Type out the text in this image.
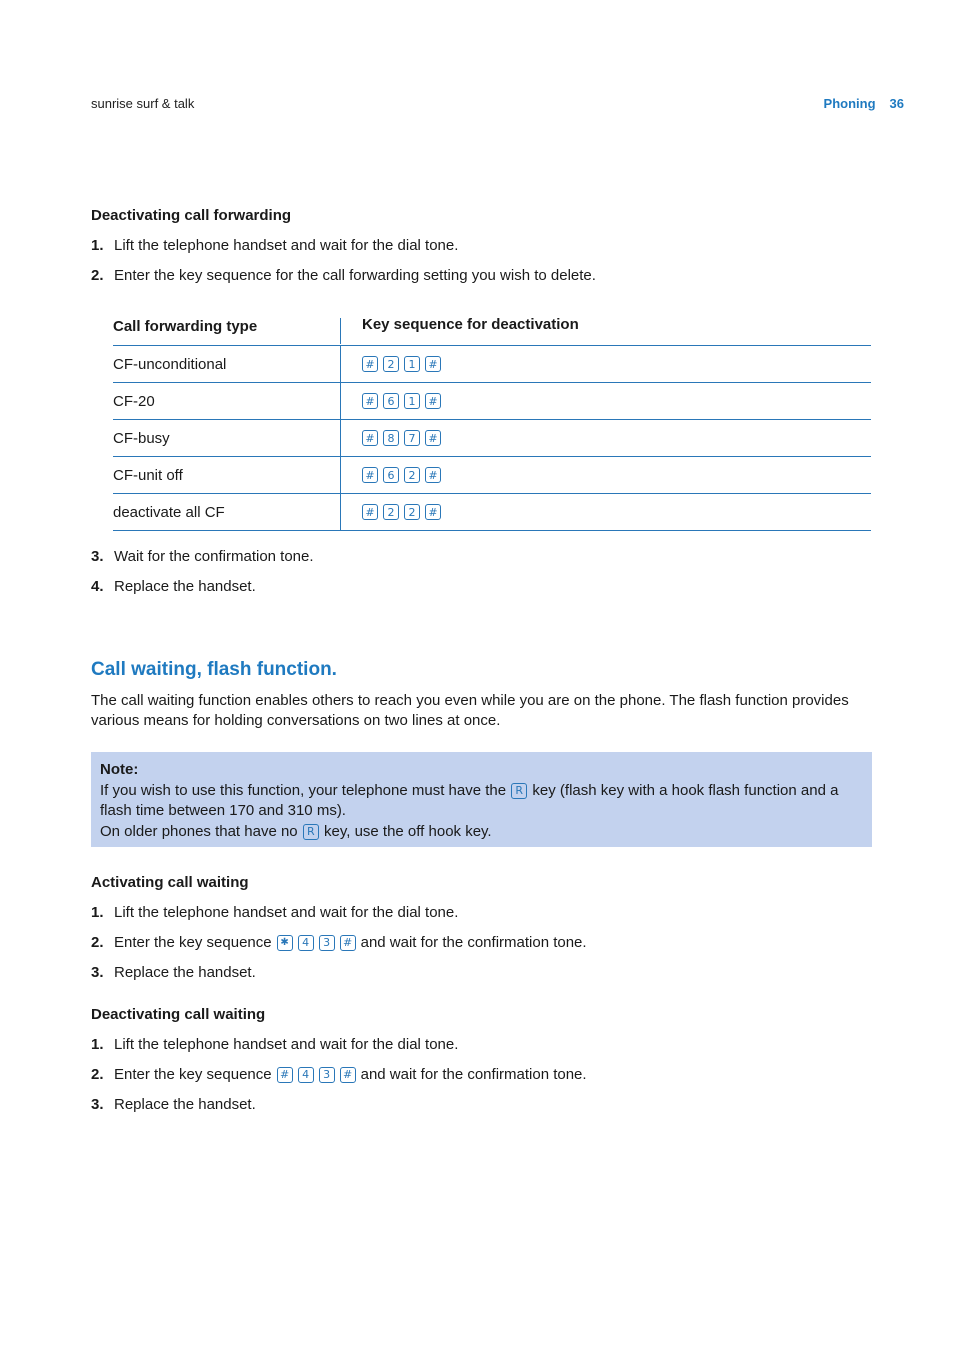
sunrise surf & talk	Phoning 36
Deactivating call forwarding
1. Lift the telephone handset and wait for the dial tone.
2. Enter the key sequence for the call forwarding setting you wish to delete.
Call forwarding type	Key sequence for deactivation
CF-unconditional	#	2	1	#
CF-20	#	6	1	#
CF-busy	#	8	7	#
CF-unit off	#	6	2	#
deactivate all CF	#	2	2	#
3. Wait for the confirmation tone.
4. Replace the handset.
Call waiting, flash function.
The call waiting function enables others to reach you even while you are on the phone. The flash function provides various means for holding conversations on two lines at once.
Note:
If you wish to use this function, your telephone must have the R key (flash key with a hook flash function and a flash time between 170 and 310 ms).
On older phones that have no R key, use the off hook key.
Activating call waiting
1. Lift the telephone handset and wait for the dial tone.
2. Enter the key sequence ✱	4	3	# and wait for the confirmation tone.
3. Replace the handset.
Deactivating call waiting
1. Lift the telephone handset and wait for the dial tone.
2. Enter the key sequence #	4	3	# and wait for the confirmation tone.
3. Replace the handset.
